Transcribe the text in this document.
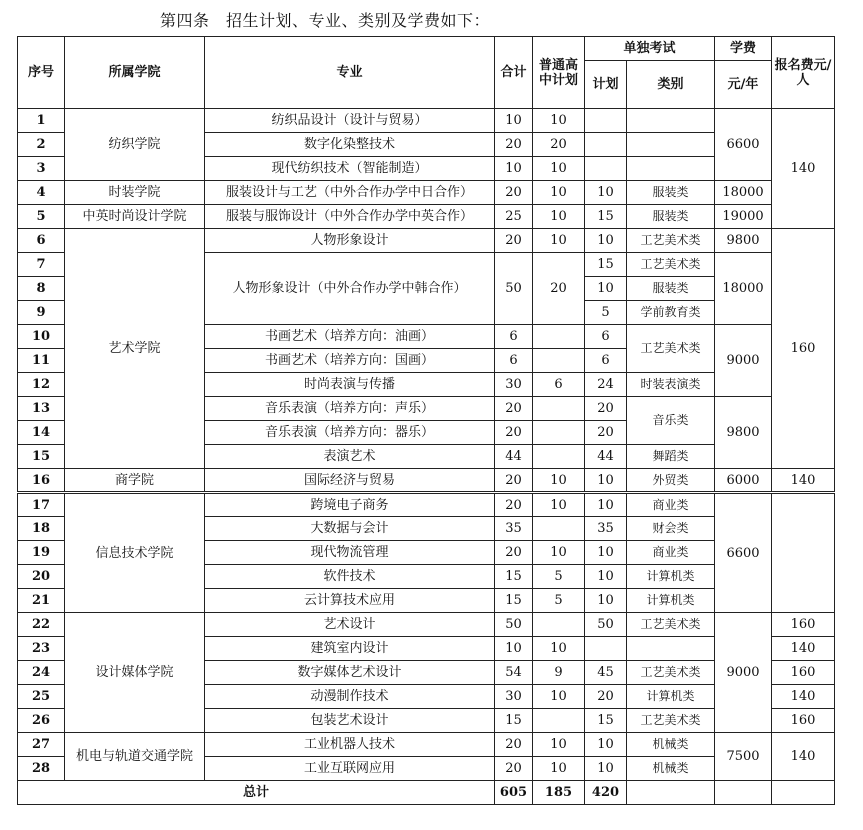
第四条　招生计划、专业、类别及学费如下：
序号	所属学院	专业	合计	普通高中计划	单独考试		学费	报名费元/人
					计划	类别	元/年	

1	纺织学院	纺织品设计（设计与贸易）	10	10			6600	140
2		数字化染整技术	20	20				
3		现代纺织技术（智能制造）	10	10				
4	时装学院	服装设计与工艺（中外合作办学中日合作）	20	10	10	服装类	18000	
5	中英时尚设计学院	服装与服饰设计（中外合作办学中英合作）	25	10	15	服装类	19000	
6	艺术学院	人物形象设计	20	10	10	工艺美术类	9800	160
7		人物形象设计（中外合作办学中韩合作）	50	20	15	工艺美术类	18000	
8					10	服装类		
9					5	学前教育类		
10		书画艺术（培养方向：油画）	6		6	工艺美术类	9000	
11		书画艺术（培养方向：国画）	6		6			
12		时尚表演与传播	30	6	24	时装表演类		
13		音乐表演（培养方向：声乐）	20		20	音乐类	9800	
14		音乐表演（培养方向：器乐）	20		20			
15		表演艺术	44		44	舞蹈类		
16	商学院	国际经济与贸易	20	10	10	外贸类	6000	140
17	信息技术学院	跨境电子商务	20	10	10	商业类	6600	
18		大数据与会计	35		35	财会类		
19		现代物流管理	20	10	10	商业类		
20		软件技术	15	5	10	计算机类		
21		云计算技术应用	15	5	10	计算机类		
22	设计媒体学院	艺术设计	50		50	工艺美术类	9000	160
23		建筑室内设计	10	10				140
24		数字媒体艺术设计	54	9	45	工艺美术类		160
25		动漫制作技术	30	10	20	计算机类		140
26		包装艺术设计	15		15	工艺美术类		160
27	机电与轨道交通学院	工业机器人技术	20	10	10	机械类	7500	140
28		工业互联网应用	20	10	10	机械类		
总计			605	185	420			
